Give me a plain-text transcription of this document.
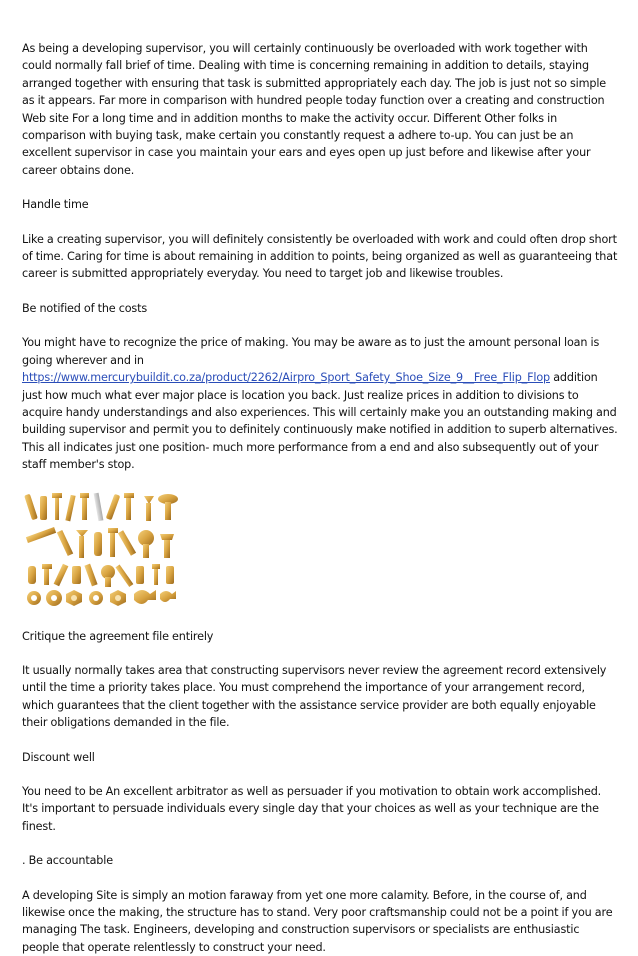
As being a developing supervisor, you will certainly continuously be overloaded with work together with could normally fall brief of time. Dealing with time is concerning remaining in addition to details, staying arranged together with ensuring that task is submitted appropriately each day. The job is just not so simple as it appears. Far more in comparison with hundred people today function over a creating and construction Web site For a long time and in addition months to make the activity occur. Different Other folks in comparison with buying task, make certain you constantly request a adhere to-up. You can just be an excellent supervisor in case you maintain your ears and eyes open up just before and likewise after your career obtains done.

Handle time

Like a creating supervisor, you will definitely consistently be overloaded with work and could often drop short of time. Caring for time is about remaining in addition to points, being organized as well as guaranteeing that career is submitted appropriately everyday. You need to target job and likewise troubles.

Be notified of the costs

You might have to recognize the price of making. You may be aware as to just the amount personal loan is going wherever and in https://www.mercurybuildit.co.za/product/2262/Airpro_Sport_Safety_Shoe_Size_9__Free_Flip_Flop addition just how much what ever major place is location you back. Just realize prices in addition to divisions to acquire handy understandings and also experiences. This will certainly make you an outstanding making and building supervisor and permit you to definitely continuously make notified in addition to superb alternatives. This all indicates just one position- much more performance from a end and also subsequently out of your staff member's stop.

Critique the agreement file entirely

It usually normally takes area that constructing supervisors never review the agreement record extensively until the time a priority takes place. You must comprehend the importance of your arrangement record, which guarantees that the client together with the assistance service provider are both equally enjoyable their obligations demanded in the file.

Discount well

You need to be An excellent arbitrator as well as persuader if you motivation to obtain work accomplished. It's important to persuade individuals every single day that your choices as well as your technique are the finest.

. Be accountable

A developing Site is simply an motion faraway from yet one more calamity. Before, in the course of, and likewise once the making, the structure has to stand. Very poor craftsmanship could not be a point if you are managing The task. Engineers, developing and construction supervisors or specialists are enthusiastic people that operate relentlessly to construct your need.
